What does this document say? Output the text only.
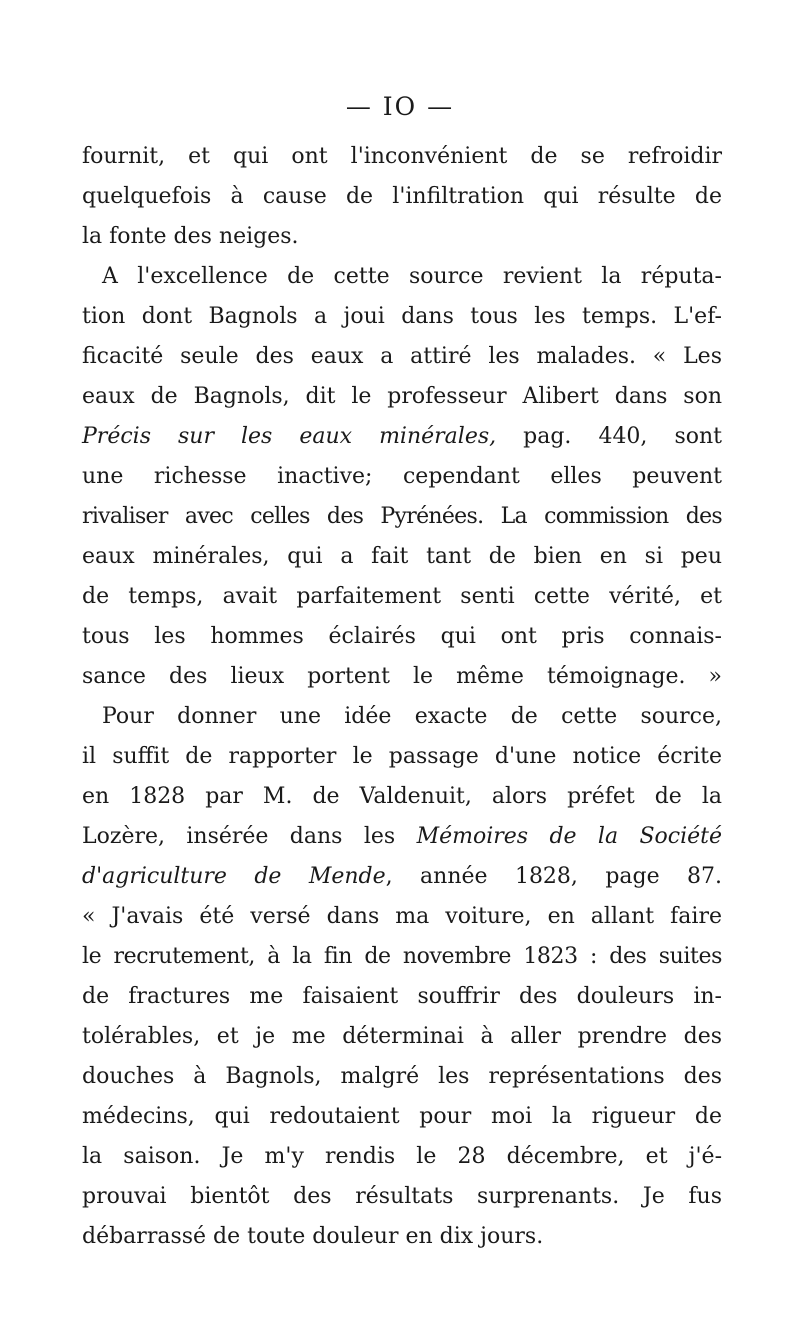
— IO —
fournit, et qui ont l'inconvénient de se refroidir
quelquefois à cause de l'infiltration qui résulte de
la fonte des neiges.
A l'excellence de cette source revient la réputa-
tion dont Bagnols a joui dans tous les temps. L'ef-
ficacité seule des eaux a attiré les malades. « Les
eaux de Bagnols, dit le professeur Alibert dans son
Précis sur les eaux minérales, pag. 440, sont
une richesse inactive; cependant elles peuvent
rivaliser avec celles des Pyrénées. La commission des
eaux minérales, qui a fait tant de bien en si peu
de temps, avait parfaitement senti cette vérité, et
tous les hommes éclairés qui ont pris connais-
sance des lieux portent le même témoignage. »
Pour donner une idée exacte de cette source,
il suffit de rapporter le passage d'une notice écrite
en 1828 par M. de Valdenuit, alors préfet de la
Lozère, insérée dans les Mémoires de la Société
d'agriculture de Mende, année 1828, page 87.
« J'avais été versé dans ma voiture, en allant faire
le recrutement, à la fin de novembre 1823 : des suites
de fractures me faisaient souffrir des douleurs in-
tolérables, et je me déterminai à aller prendre des
douches à Bagnols, malgré les représentations des
médecins, qui redoutaient pour moi la rigueur de
la saison. Je m'y rendis le 28 décembre, et j'é-
prouvai bientôt des résultats surprenants. Je fus
débarrassé de toute douleur en dix jours.
